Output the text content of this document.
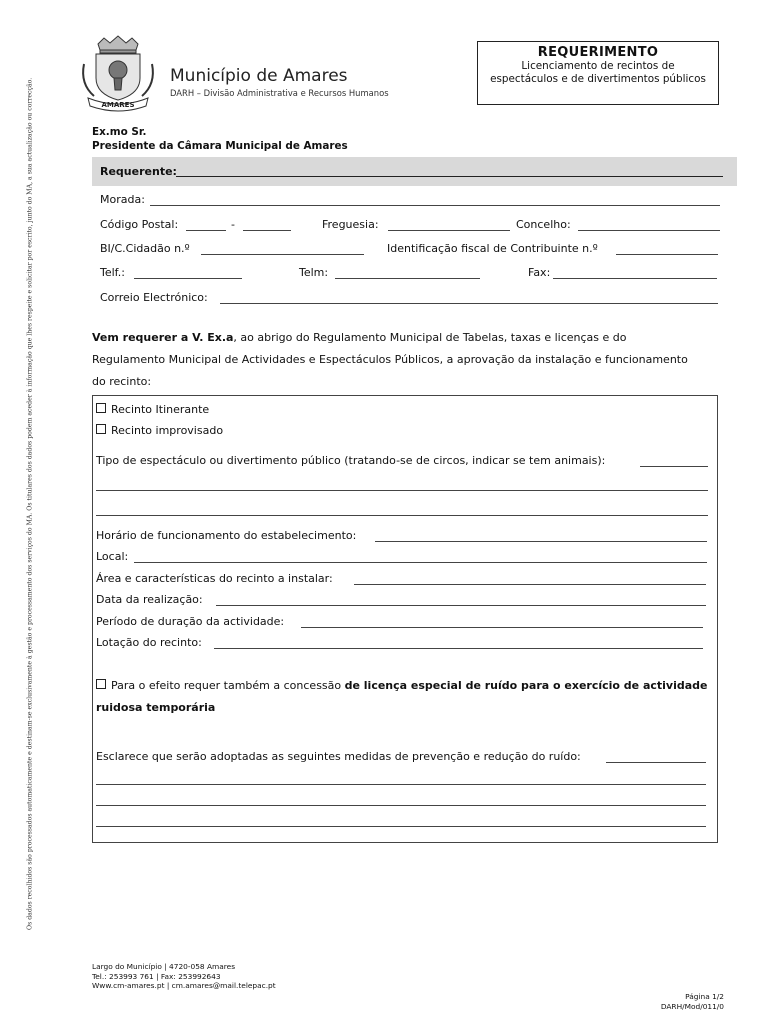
Os dados recolhidos são processados automaticamente e destinam-se exclusivamente à gestão e processamento dos serviços do MA. Os titulares dos dados podem aceder à informação que lhes respeite e solicitar por escrito, junto do MA, a sua actualização ou correcção.	AMARES
Município de Amares
DARH – Divisão Administrativa e Recursos Humanos
REQUERIMENTO
Licenciamento de recintos de espectáculos e de divertimentos públicos
Ex.mo Sr.
Presidente da Câmara Municipal de Amares
Requerente:
Morada:
Código Postal:	-	Freguesia:	Concelho:
BI/C.Cidadão n.º	Identificação fiscal de Contribuinte n.º
Telf.:	Telm:	Fax:
Correio Electrónico:
Vem requerer a V. Ex.a, ao abrigo do Regulamento Municipal de Tabelas, taxas e licenças e do
Regulamento Municipal de Actividades e Espectáculos Públicos, a aprovação da instalação e funcionamento
do recinto:
Recinto Itinerante
Recinto improvisado
Tipo de espectáculo ou divertimento público (tratando-se de circos, indicar se tem animais):
Horário de funcionamento do estabelecimento:
Local:
Área e características do recinto a instalar:
Data da realização:
Período de duração da actividade:
Lotação do recinto:
Para o efeito requer também a concessão de licença especial de ruído para o exercício de actividade
ruidosa temporária
Esclarece que serão adoptadas as seguintes medidas de prevenção e redução do ruído:
Largo do Município | 4720-058 Amares
Tel.: 253993 761 | Fax: 253992643
Www.cm-amares.pt | cm.amares@mail.telepac.pt
Página 1/2
DARH/Mod/011/0
